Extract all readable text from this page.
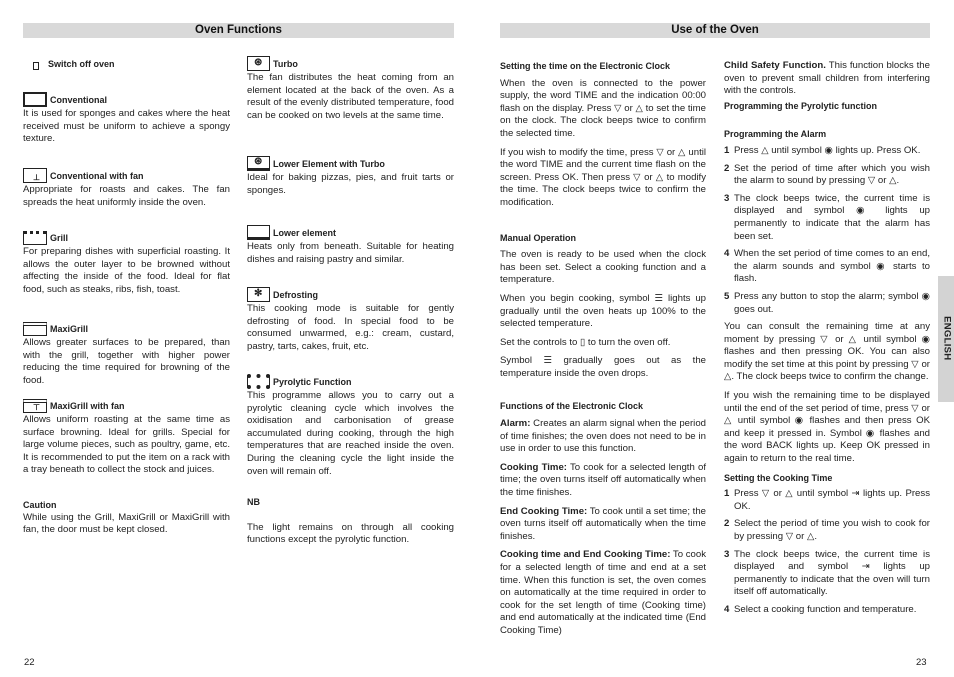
Oven Functions	Use of the Oven
Switch off oven
Conventional
It is used for sponges and cakes where the heat received must be uniform to achieve a spongy texture.
⊥ Conventional with fan
Appropriate for roasts and cakes. The fan spreads the heat uniformly inside the oven.
Grill
For preparing dishes with superficial roasting. It allows the outer layer to be browned without affecting the inside of the food. Ideal for flat food, such as steaks, ribs, fish, toast.
MaxiGrill
Allows greater surfaces to be prepared, than with the grill, together with higher power reducing the time required for browning of the food.
⊤ MaxiGrill with fan
Allows uniform roasting at the same time as surface browning. Ideal for grills. Special for large volume pieces, such as poultry, game, etc. It is recommended to put the item on a rack with a tray beneath to collect the stock and juices.
Caution
While using the Grill, MaxiGrill or MaxiGrill with fan, the door must be kept closed.
⊛ Turbo
The fan distributes the heat coming from an element located at the back of the oven. As a result of the evenly distributed temperature, food can be cooked on two levels at the same time.
⊛ Lower Element with Turbo
Ideal for baking pizzas, pies, and fruit tarts or sponges.
Lower element
Heats only from beneath. Suitable for heating dishes and raising pastry and similar.
✻ Defrosting
This cooking mode is suitable for gently defrosting of food. In special food to be consumed unwarmed, e.g.: cream, custard, pastry, tarts, cakes, fruit, etc.
Pyrolytic Function
This programme allows you to carry out a pyrolytic cleaning cycle which involves the oxidisation and carbonisation of grease accumulated during cooking, through the high temperatures that are reached inside the oven. During the cleaning cycle the light inside the oven will remain off.
NB
The light remains on through all cooking functions except the pyrolytic function.
Setting the time on the Electronic Clock

When the oven is connected to the power supply, the word TIME and the indication 00:00 flash on the display. Press ▽ or △ to set the time on the clock. The clock beeps twice to confirm the selected time.

If you wish to modify the time, press ▽ or △ until the word TIME and the current time flash on the screen. Press OK. Then press ▽ or △ to modify the time. The clock beeps twice to confirm the modification.

Manual Operation

The oven is ready to be used when the clock has been set. Select a cooking function and a temperature.

When you begin cooking, symbol ☰ lights up gradually until the oven heats up 100% to the selected temperature.

Set the controls to ▯ to turn the oven off.

Symbol ☰ gradually goes out as the temperature inside the oven drops.

Functions of the Electronic Clock

Alarm: Creates an alarm signal when the period of time finishes; the oven does not need to be in use in order to use this function.

Cooking Time: To cook for a selected length of time; the oven turns itself off automatically when the time finishes.

End Cooking Time: To cook until a set time; the oven turns itself off automatically when the time finishes.

Cooking time and End Cooking Time: To cook for a selected length of time and end at a set time. When this function is set, the oven comes on automatically at the time required in order to cook for the set length of time (Cooking time) and end automatically at the indicated time (End Cooking Time)

Child Safety Function. This function blocks the oven to prevent small children from interfering with the controls.

Programming the Pyrolytic function
Programming the Alarm
1 Press △ until symbol ◉ lights up. Press OK.
2 Set the period of time after which you wish the alarm to sound by pressing ▽ or △.
3 The clock beeps twice, the current time is displayed and symbol ◉ lights up permanently to indicate that the alarm has been set.
4 When the set period of time comes to an end, the alarm sounds and symbol ◉ starts to flash.
5 Press any button to stop the alarm; symbol ◉ goes out.

You can consult the remaining time at any moment by pressing ▽ or △ until symbol ◉ flashes and then pressing OK. You can also modify the set time at this point by pressing ▽ or △. The clock beeps twice to confirm the change.

If you wish the remaining time to be displayed until the end of the set period of time, press ▽ or △ until symbol ◉ flashes and then press OK and keep it pressed in. Symbol ◉ flashes and the word BACK lights up. Keep OK pressed in again to return to the real time.

Setting the Cooking Time
1 Press ▽ or △ until symbol ⇥ lights up. Press OK.
2 Select the period of time you wish to cook for by pressing ▽ or △.
3 The clock beeps twice, the current time is displayed and symbol ⇥ lights up permanently to indicate that the oven will turn itself off automatically.
4 Select a cooking function and temperature.
ENGLISH
22	23
